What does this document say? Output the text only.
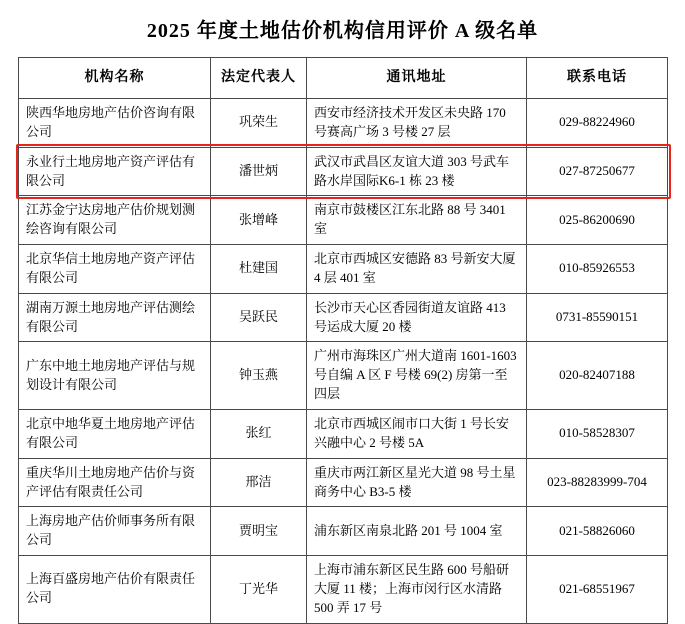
2025 年度土地估价机构信用评价 A 级名单
机构名称	法定代表人	通讯地址	联系电话
陕西华地房地产估价咨询有限公司	巩荣生	西安市经济技术开发区未央路 170 号赛高广场 3 号楼 27 层	029-88224960
永业行土地房地产资产评估有限公司	潘世炳	武汉市武昌区友谊大道 303 号武车路水岸国际K6-1 栋 23 楼	027-87250677
江苏金宁达房地产估价规划测绘咨询有限公司	张增峰	南京市鼓楼区江东北路 88 号 3401 室	025-86200690
北京华信土地房地产资产评估有限公司	杜建国	北京市西城区安德路 83 号新安大厦 4 层 401 室	010-85926553
湖南万源土地房地产评估测绘有限公司	吴跃民	长沙市天心区香园街道友谊路 413 号运成大厦 20 楼	0731-85590151
广东中地土地房地产评估与规划设计有限公司	钟玉燕	广州市海珠区广州大道南 1601-1603 号自编 A 区 F 号楼 69(2) 房第一至四层	020-82407188
北京中地华夏土地房地产评估有限公司	张红	北京市西城区闹市口大街 1 号长安兴融中心 2 号楼 5A	010-58528307
重庆华川土地房地产估价与资产评估有限责任公司	邢洁	重庆市两江新区星光大道 98 号土星商务中心 B3-5 楼	023-88283999-704
上海房地产估价师事务所有限公司	贾明宝	浦东新区南泉北路 201 号 1004 室	021-58826060
上海百盛房地产估价有限责任公司	丁光华	上海市浦东新区民生路 600 号船研大厦 11 楼；上海市闵行区水清路 500 弄 17 号	021-68551967
